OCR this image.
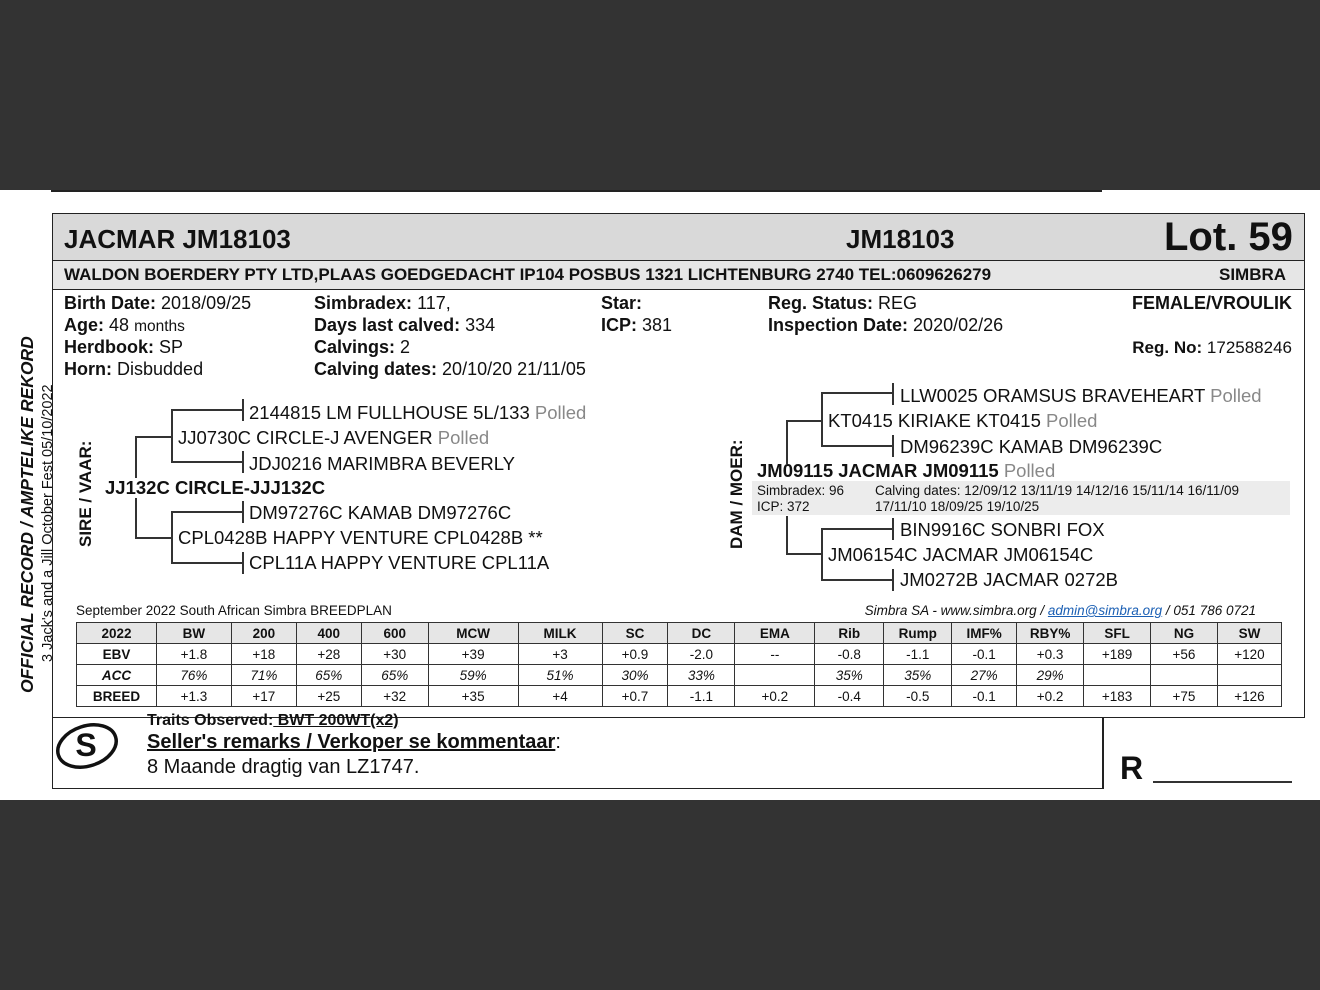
JACMAR JM18103	JM18103	Lot. 59
WALDON BOERDERY PTY LTD,PLAAS GOEDGEDACHT IP104 POSBUS 1321 LICHTENBURG 2740 TEL:0609626279	SIMBRA
OFFICIAL RECORD / AMPTELIKE REKORD 3 Jack's and a Jill October Fest 05/10/2022
Birth Date: 2018/09/25
Age: 48 months
Herdbook: SP
Horn: Disbudded
Simbradex: 117,
Days last calved: 334
Calvings: 2
Calving dates: 20/10/20 21/11/05
Star:
ICP: 381
Reg. Status: REG
Inspection Date: 2020/02/26
FEMALE/VROULIK
Reg. No: 172588246
SIRE / VAAR:	DAM / MOER:
2144815 LM FULLHOUSE 5L/133 Polled
JJ0730C CIRCLE-J AVENGER Polled
JDJ0216 MARIMBRA BEVERLY
JJ132C CIRCLE-JJJ132C
DM97276C KAMAB DM97276C
CPL0428B HAPPY VENTURE CPL0428B **
CPL11A HAPPY VENTURE CPL11A
LLW0025 ORAMSUS BRAVEHEART Polled
KT0415 KIRIAKE KT0415 Polled
DM96239C KAMAB DM96239C
JM09115 JACMAR JM09115 Polled
Simbradex: 96
ICP: 372
Calving dates: 12/09/12 13/11/19 14/12/16 15/11/14 16/11/09
17/11/10 18/09/25 19/10/25
BIN9916C SONBRI FOX
JM06154C JACMAR JM06154C
JM0272B JACMAR 0272B
September 2022 South African Simbra BREEDPLAN	Simbra SA - www.simbra.org / admin@simbra.org / 051 786 0721
2022	BW	200	400	600	MCW	MILK	SC	DC	EMA	Rib	Rump	IMF%	RBY%	SFL	NG	SW
EBV	+1.8	+18	+28	+30	+39	+3	+0.9	-2.0	--	-0.8	-1.1	-0.1	+0.3	+189	+56	+120
ACC	76%	71%	65%	65%	59%	51%	30%	33%		35%	35%	27%	29%			
BREED	+1.3	+17	+25	+32	+35	+4	+0.7	-1.1	+0.2	-0.4	-0.5	-0.1	+0.2	+183	+75	+126
S
Traits Observed: BWT 200WT(x2)
Seller's remarks / Verkoper se kommentaar:
8 Maande dragtig van LZ1747.	R
